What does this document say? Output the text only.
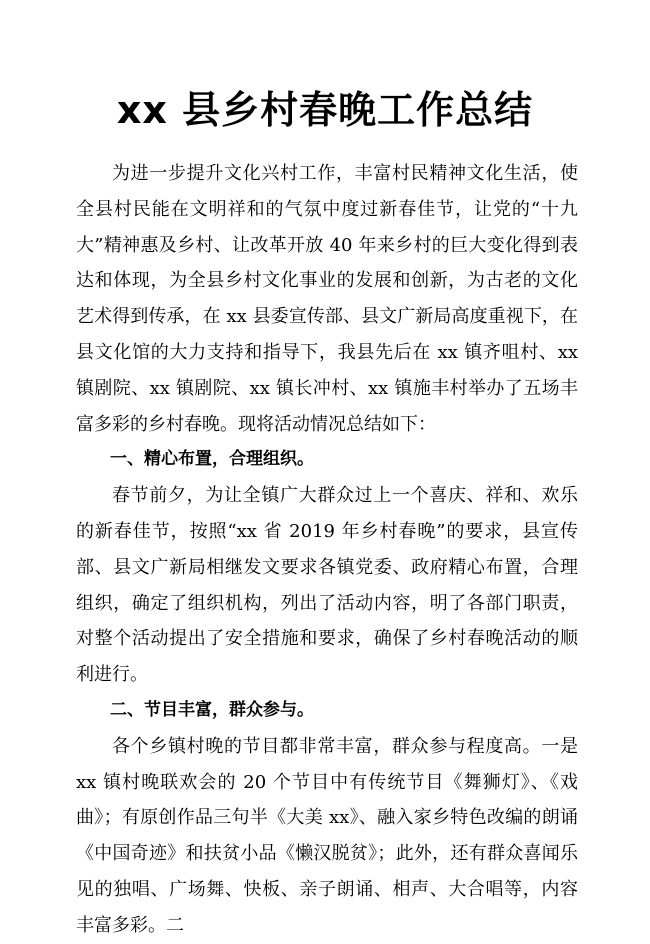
xx 县乡村春晚工作总结

为进一步提升文化兴村工作，丰富村民精神文化生活，使全县村民能在文明祥和的气氛中度过新春佳节，让党的“十九大”精神惠及乡村、让改革开放 40 年来乡村的巨大变化得到表达和体现，为全县乡村文化事业的发展和创新，为古老的文化艺术得到传承，在 xx 县委宣传部、县文广新局高度重视下，在县文化馆的大力支持和指导下，我县先后在 xx 镇齐咀村、xx 镇剧院、xx 镇剧院、xx 镇长冲村、xx 镇施丰村举办了五场丰富多彩的乡村春晚。现将活动情况总结如下：

一、精心布置，合理组织。

春节前夕，为让全镇广大群众过上一个喜庆、祥和、欢乐的新春佳节，按照“xx 省 2019 年乡村春晚”的要求，县宣传部、县文广新局相继发文要求各镇党委、政府精心布置，合理组织，确定了组织机构，列出了活动内容，明了各部门职责，对整个活动提出了安全措施和要求，确保了乡村春晚活动的顺利进行。

二、节目丰富，群众参与。

各个乡镇村晚的节目都非常丰富，群众参与程度高。一是 xx 镇村晚联欢会的 20 个节目中有传统节目《舞狮灯》、《戏曲》；有原创作品三句半《大美 xx》、融入家乡特色改编的朗诵《中国奇迹》和扶贫小品《懒汉脱贫》；此外，还有群众喜闻乐见的独唱、广场舞、快板、亲子朗诵、相声、大合唱等，内容丰富多彩。二
